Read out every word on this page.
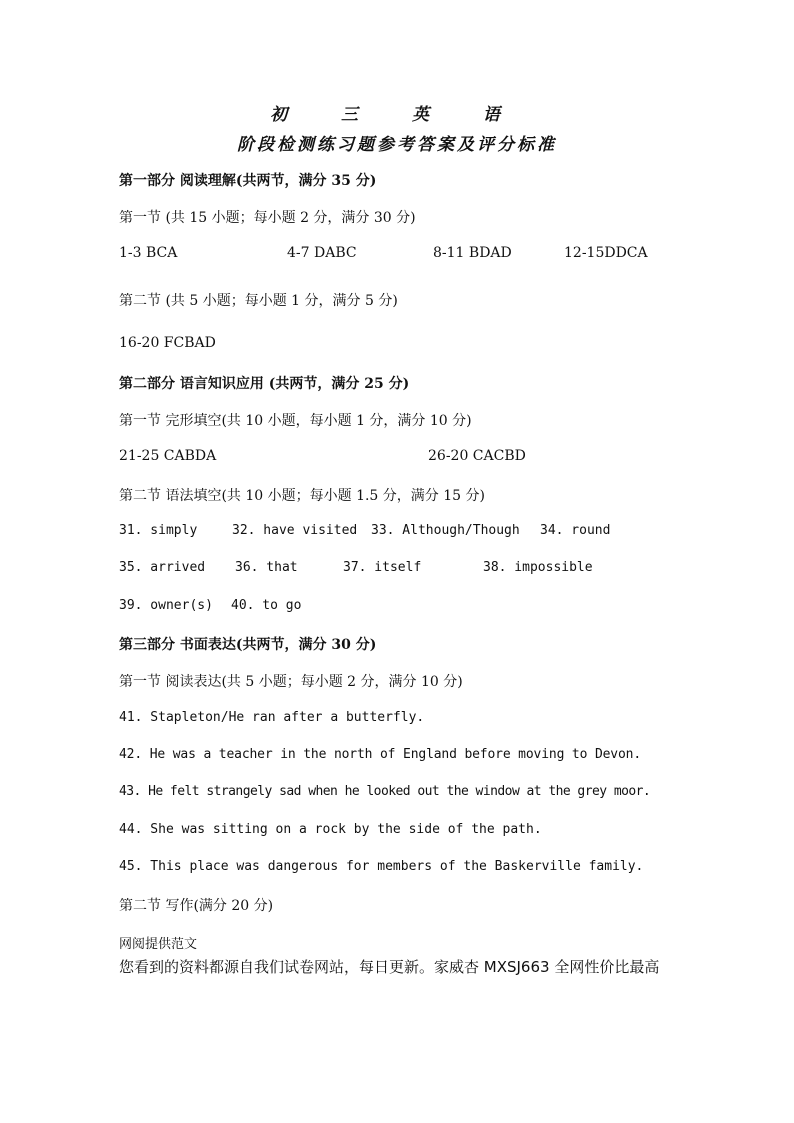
初 三 英 语
阶段检测练习题参考答案及评分标准
第一部分 阅读理解(共两节，满分 35 分)
第一节 (共 15 小题；每小题 2 分，满分 30 分)
1-3 BCA	4-7 DABC	8-11 BDAD	12-15DDCA
第二节 (共 5 小题；每小题 1 分，满分 5 分)
16-20 FCBAD
第二部分 语言知识应用 (共两节，满分 25 分)
第一节 完形填空(共 10 小题，每小题 1 分，满分 10 分)
21-25 CABDA	26-20 CACBD
第二节 语法填空(共 10 小题；每小题 1.5 分，满分 15 分)
31. simply	32. have visited 33. Although/Though 34. round
35. arrived 36. that	37. itself	38. impossible
39. owner(s) 40. to go
第三部分 书面表达(共两节，满分 30 分)
第一节 阅读表达(共 5 小题；每小题 2 分，满分 10 分)
41. Stapleton/He ran after a butterfly.
42. He was a teacher in the north of England before moving to Devon.
43. He felt strangely sad when he looked out the window at the grey moor.
44. She was sitting on a rock by the side of the path.
45. This place was dangerous for members of the Baskerville family.
第二节 写作(满分 20 分)
网阅提供范文
您看到的资料都源自我们试卷网站，每日更新。家威杏 MXSJ663 全网性价比最高
